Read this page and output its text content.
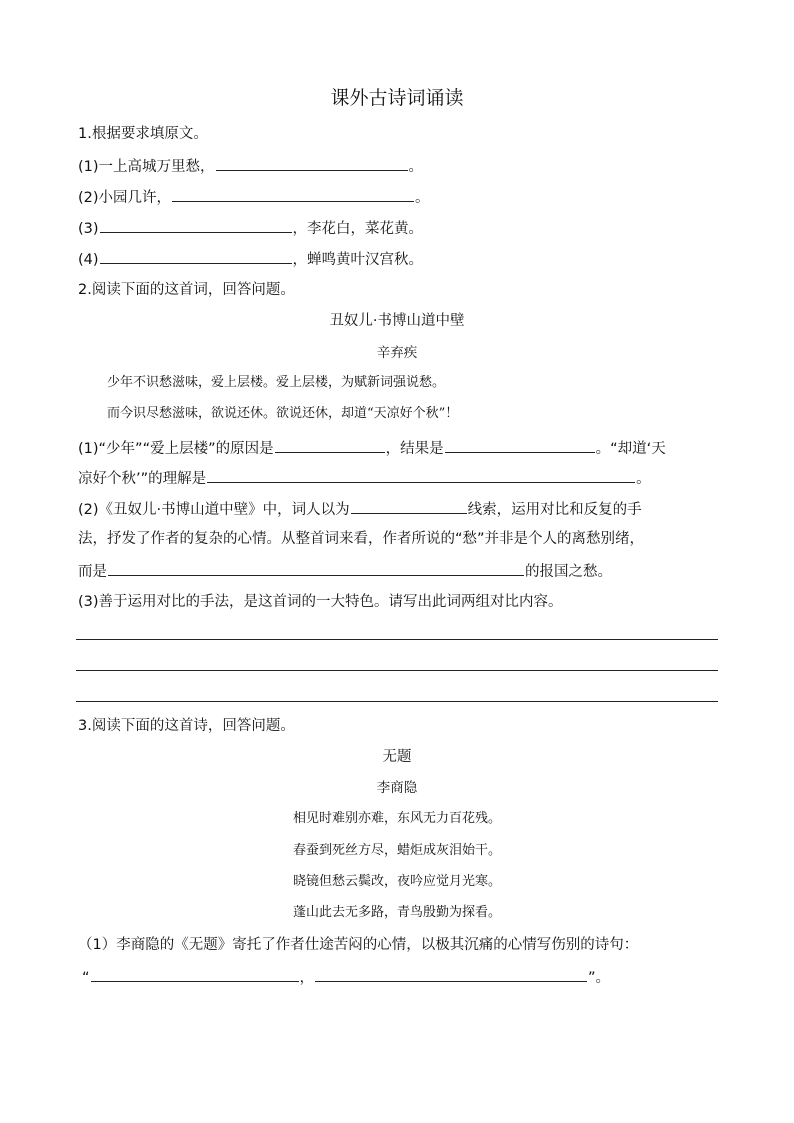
课外古诗词诵读
1.根据要求填原文。
(1)一上高城万里愁，	。
(2)小园几许，	。
(3)	，李花白，菜花黄。
(4)	，蝉鸣黄叶汉宫秋。
2.阅读下面的这首词，回答问题。
丑奴儿·书博山道中壁
辛弃疾
少年不识愁滋味，爱上层楼。爱上层楼，为赋新词强说愁。
而今识尽愁滋味，欲说还休。欲说还休，却道“天凉好个秋”！
(1)“少年”“爱上层楼”的原因是	，结果是	。“却道‘天
凉好个秋’”的理解是	。
(2)《丑奴儿·书博山道中壁》中，词人以为	线索，运用对比和反复的手
法，抒发了作者的复杂的心情。从整首词来看，作者所说的“愁”并非是个人的离愁别绪，
而是	的报国之愁。
(3)善于运用对比的手法，是这首词的一大特色。请写出此词两组对比内容。
3.阅读下面的这首诗，回答问题。
无题
李商隐
相见时难别亦难，东风无力百花残。
春蚕到死丝方尽，蜡炬成灰泪始干。
晓镜但愁云鬓改，夜吟应觉月光寒。
蓬山此去无多路，青鸟殷勤为探看。
（1）李商隐的《无题》寄托了作者仕途苦闷的心情，以极其沉痛的心情写伤别的诗句：
“	，	”。
